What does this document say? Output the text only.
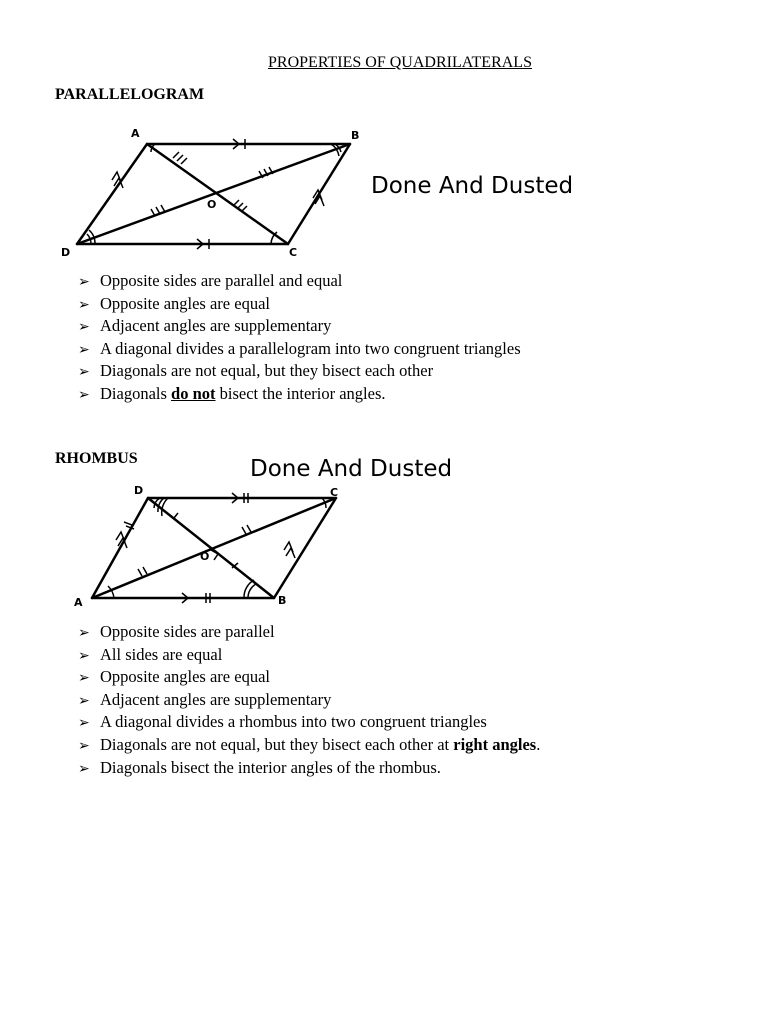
PROPERTIES OF QUADRILATERALS
PARALLELOGRAM
A	B
C
D
O
Done And Dusted
➢ Opposite sides are parallel and equal
➢ Opposite angles are equal
➢ Adjacent angles are supplementary
➢ A diagonal divides a parallelogram into two congruent triangles
➢ Diagonals are not equal, but they bisect each other
➢ Diagonals do not bisect the interior angles.
RHOMBUS	Done And Dusted
D	C
B
A
O
➢ Opposite sides are parallel
➢ All sides are equal
➢ Opposite angles are equal
➢ Adjacent angles are supplementary
➢ A diagonal divides a rhombus into two congruent triangles
➢ Diagonals are not equal, but they bisect each other at right angles.
➢ Diagonals bisect the interior angles of the rhombus.
